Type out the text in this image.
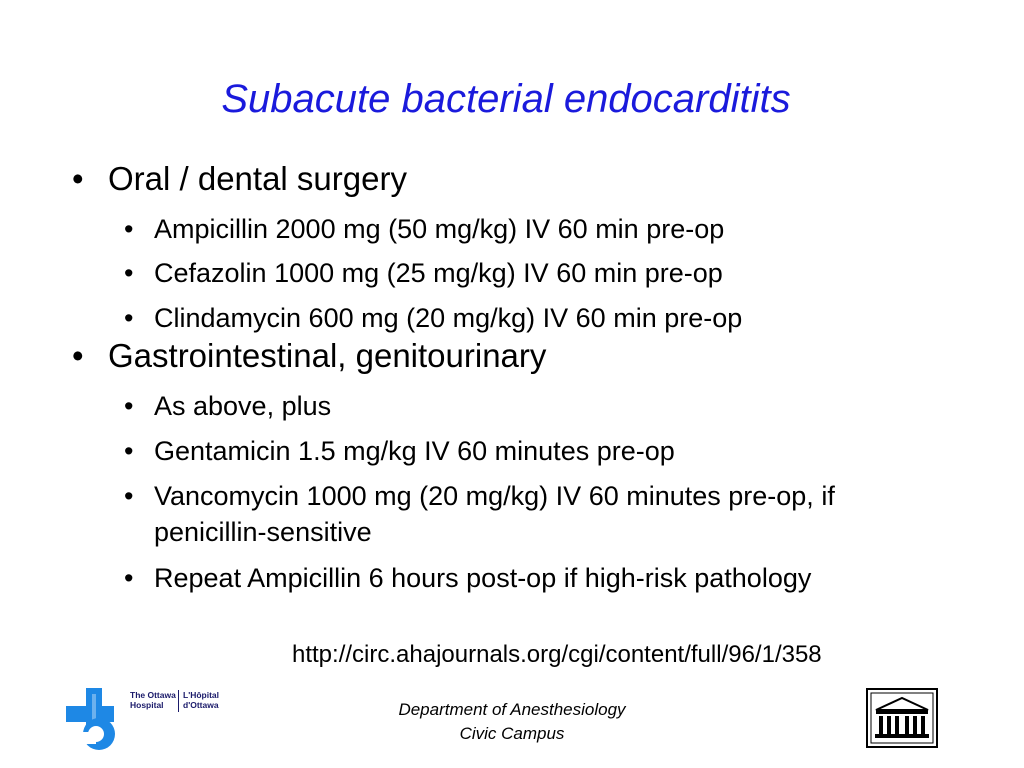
Subacute bacterial endocarditits
• Oral / dental surgery
• Ampicillin 2000 mg (50 mg/kg) IV 60 min pre-op
• Cefazolin 1000 mg (25 mg/kg) IV 60 min pre-op
• Clindamycin 600 mg (20 mg/kg) IV 60 min pre-op
• Gastrointestinal, genitourinary
• As above, plus
• Gentamicin 1.5 mg/kg IV 60 minutes pre-op
• Vancomycin 1000 mg (20 mg/kg) IV 60 minutes pre-op, if penicillin-sensitive
• Repeat Ampicillin 6 hours post-op if high-risk pathology
http://circ.ahajournals.org/cgi/content/full/96/1/358
The Ottawa
Hospital
L'Hôpital
d'Ottawa	Department of Anesthesiology
Civic Campus
